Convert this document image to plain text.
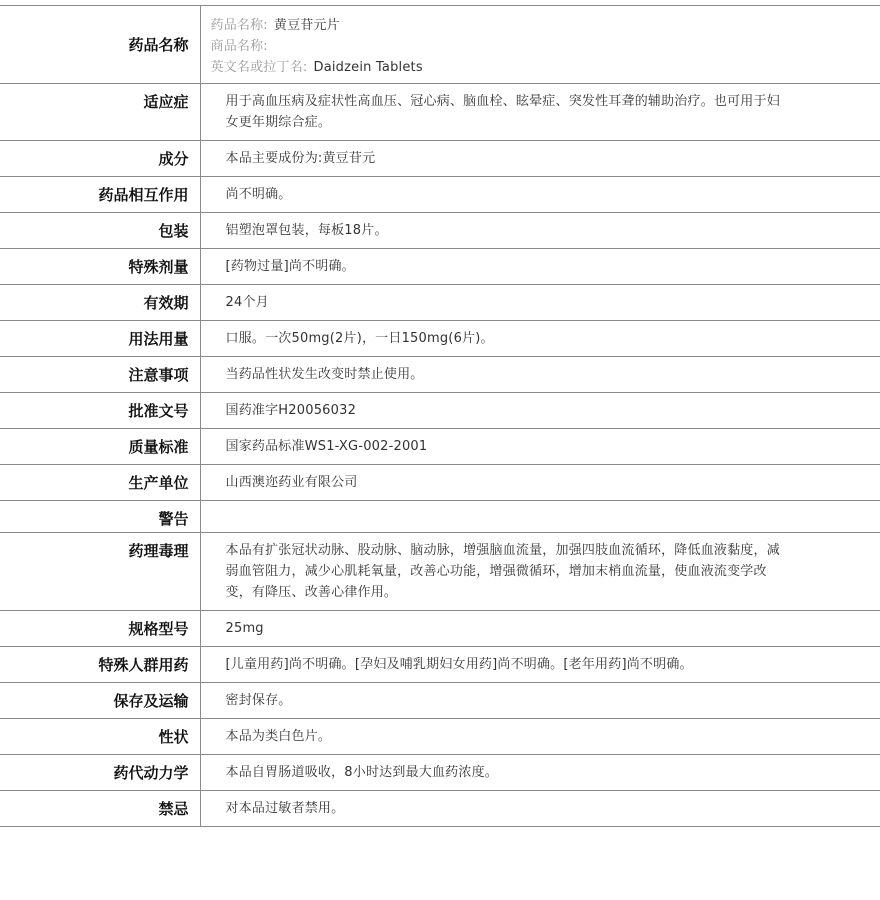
药品名称	药品名称: 黄豆苷元片
商品名称:
英文名或拉丁名: Daidzein Tablets

适应症	用于高血压病及症状性高血压、冠心病、脑血栓、眩晕症、突发性耳聋的辅助治疗。也可用于妇女更年期综合症。
成分	本品主要成份为:黄豆苷元
药品相互作用	尚不明确。
包装	铝塑泡罩包装，每板18片。
特殊剂量	[药物过量]尚不明确。
有效期	24个月
用法用量	口服。一次50mg(2片)，一日150mg(6片)。
注意事项	当药品性状发生改变时禁止使用。
批准文号	国药准字H20056032
质量标准	国家药品标准WS1-XG-002-2001
生产单位	山西澳迩药业有限公司
警告	
药理毒理	本品有扩张冠状动脉、股动脉、脑动脉，增强脑血流量，加强四肢血流循环，降低血液黏度，减弱血管阻力，减少心肌耗氧量，改善心功能，增强微循环，增加末梢血流量，使血液流变学改变，有降压、改善心律作用。
规格型号	25mg
特殊人群用药	[儿童用药]尚不明确。[孕妇及哺乳期妇女用药]尚不明确。[老年用药]尚不明确。
保存及运输	密封保存。
性状	本品为类白色片。
药代动力学	本品自胃肠道吸收，8小时达到最大血药浓度。
禁忌	对本品过敏者禁用。
